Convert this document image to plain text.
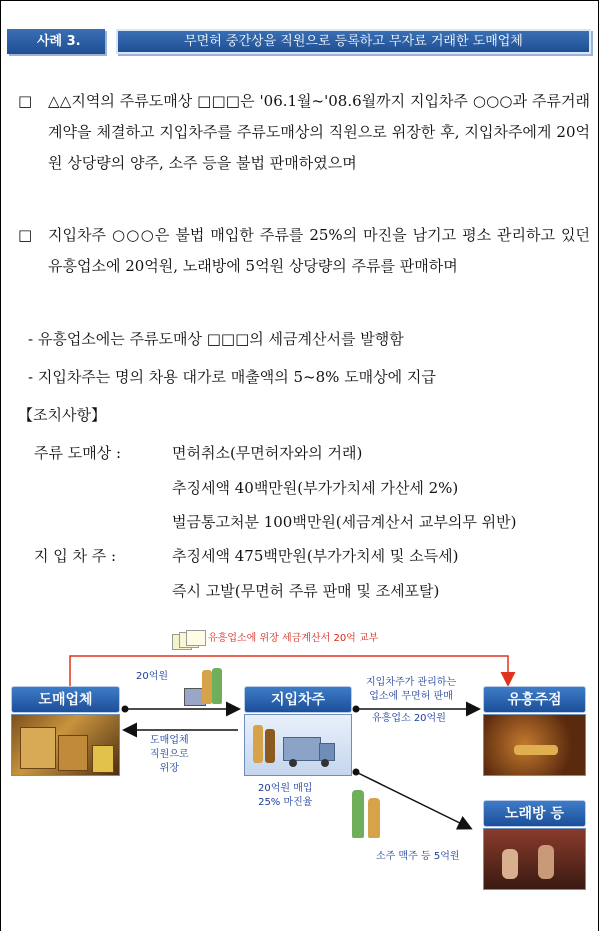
사례 3.	무면허 중간상을 직원으로 등록하고 무자료 거래한 도매업체
□	△△지역의 주류도매상 □□□은 '06.1월~'08.6월까지 지입차주 ○○○과 주류거래 계약을 체결하고 지입차주를 주류도매상의 직원으로 위장한 후, 지입차주에게 20억원 상당량의 양주, 소주 등을 불법 판매하였으며
□	지입차주 ○○○은 불법 매입한 주류를 25%의 마진을 남기고 평소 관리하고 있던 유흥업소에 20억원, 노래방에 5억원 상당량의 주류를 판매하며
- 유흥업소에는 주류도매상 □□□의 세금계산서를 발행함
- 지입차주는 명의 차용 대가로 매출액의 5~8% 도매상에 지급
【조치사항】
주류 도매상 :	면허취소(무면허자와의 거래)
추징세액 40백만원(부가가치세 가산세 2%)
벌금통고처분 100백만원(세금계산서 교부의무 위반)
지 입 차 주 :	추징세액 475백만원(부가가치세 및 소득세)
즉시 고발(무면허 주류 판매 및 조세포탈)
유흥업소에 위장 세금계산서 20억 교부
도매업체
20억원
도매업체
직원으로
위장
지입차주
20억원 매입
25% 마진율
지입차주가 관리하는
업소에 무면허 판매
유흥업소 20억원
유흥주점
소주 맥주 등 5억원
노래방 등
